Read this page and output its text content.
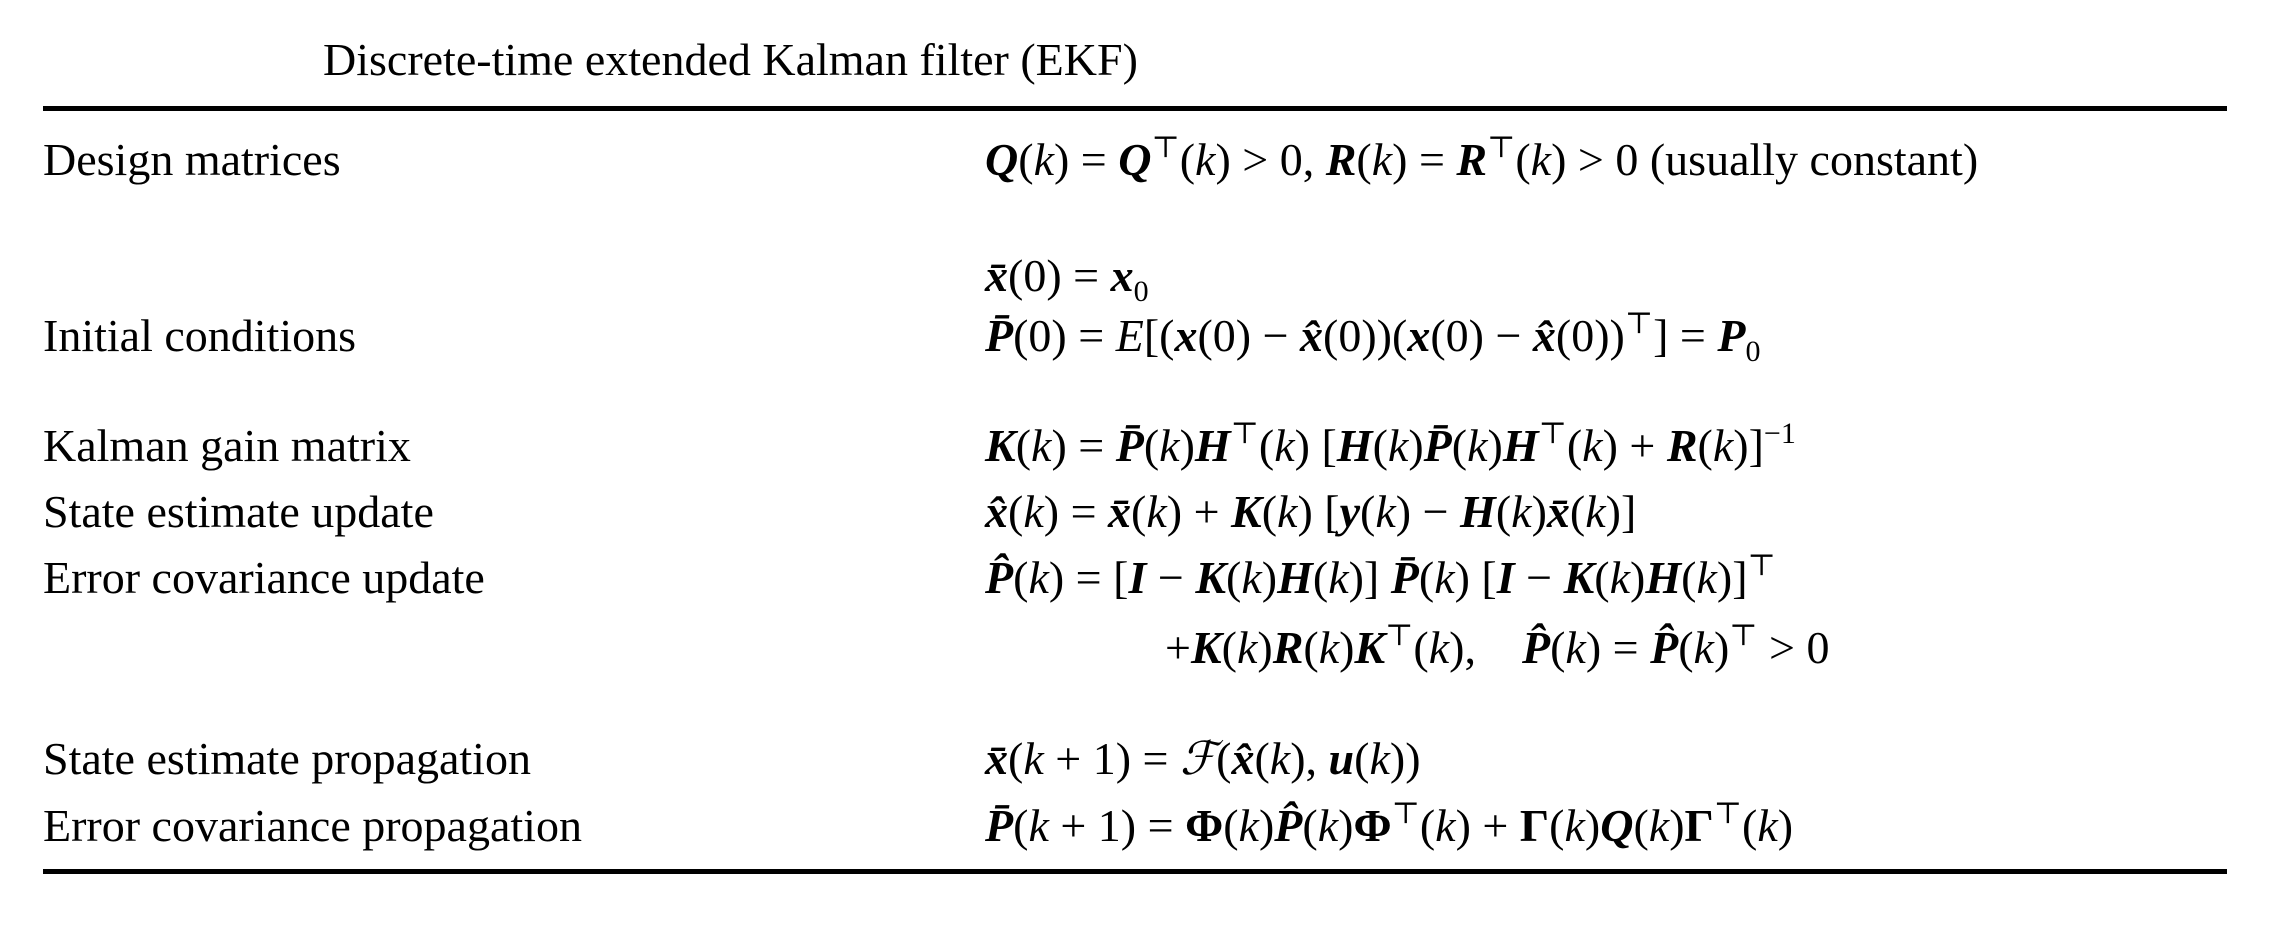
Discrete-time extended Kalman filter (EKF)
Design matrices	Q(k) = Q⊤(k) > 0, R(k) = R⊤(k) > 0 (usually constant)
x̄(0) = $x_0$
Initial conditions	P̄(0) = E[(x(0) − x̂(0))(x(0) − x̂(0))⊤] = $P_0$
Kalman gain matrix	K(k) = P̄(k)H⊤(k) [H(k)P̄(k)H⊤(k) + R(k)]$^{-1}$
State estimate update	x̂(k) = x̄(k) + K(k) [y(k) − H(k)x̄(k)]
Error covariance update	P̂(k) = [I − K(k)H(k)] P̄(k) [I − K(k)H(k)]⊤
+K(k)R(k)K⊤(k),    P̂(k) = P̂(k)⊤ > 0
State estimate propagation	x̄(k + 1) = ℱ(x̂(k), u(k))
Error covariance propagation	P̄(k + 1) = Φ(k)P̂(k)Φ⊤(k) + Γ(k)Q(k)Γ⊤(k)
